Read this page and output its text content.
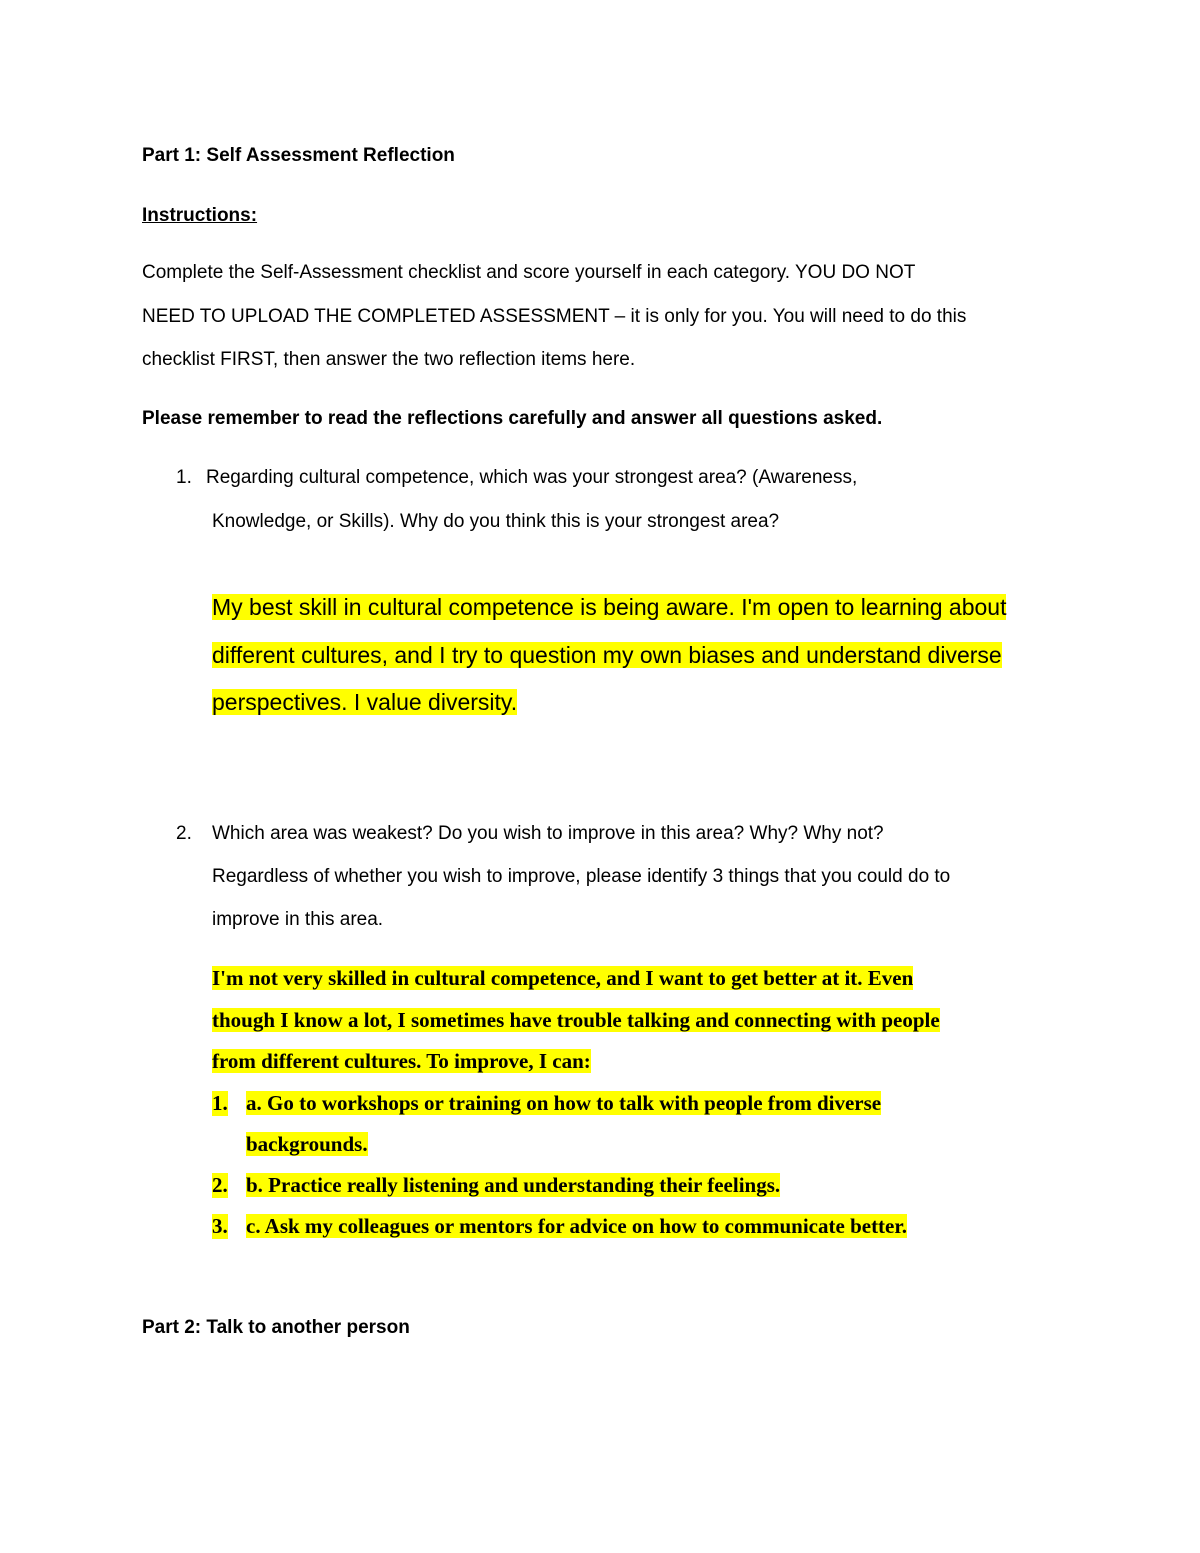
Part 1: Self Assessment Reflection
Instructions:
Complete the Self-Assessment checklist and score yourself in each category. YOU DO NOT
NEED TO UPLOAD THE COMPLETED ASSESSMENT – it is only for you. You will need to do this
checklist FIRST, then answer the two reflection items here.
Please remember to read the reflections carefully and answer all questions asked.
1. Regarding cultural competence, which was your strongest area? (Awareness,
Knowledge, or Skills). Why do you think this is your strongest area?
My best skill in cultural competence is being aware. I'm open to learning about
different cultures, and I try to question my own biases and understand diverse
perspectives. I value diversity.
2. Which area was weakest? Do you wish to improve in this area? Why? Why not?
Regardless of whether you wish to improve, please identify 3 things that you could do to
improve in this area.
I'm not very skilled in cultural competence, and I want to get better at it. Even
though I know a lot, I sometimes have trouble talking and connecting with people
from different cultures. To improve, I can:
1. a. Go to workshops or training on how to talk with people from diverse
backgrounds.
2. b. Practice really listening and understanding their feelings.
3. c. Ask my colleagues or mentors for advice on how to communicate better.
Part 2: Talk to another person
